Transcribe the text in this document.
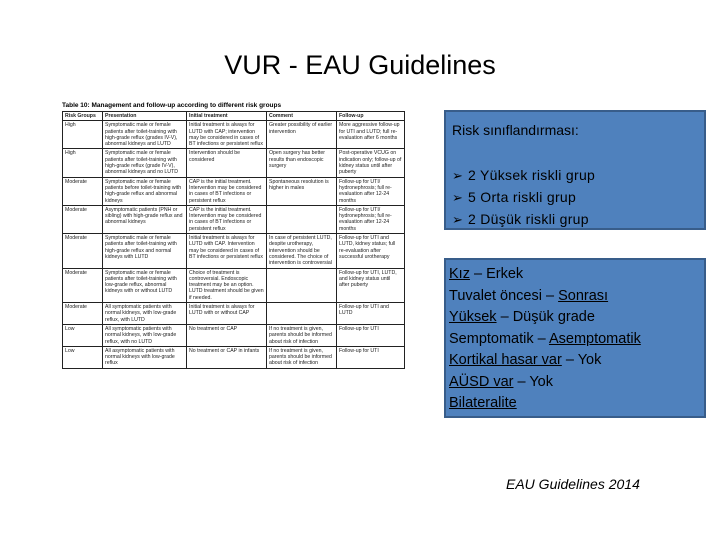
VUR - EAU Guidelines
Table 10: Management and follow-up according to different risk groups
Risk Groups	Presentation	Initial treatment	Comment	Follow-up
High	Symptomatic male or female patients after toilet-training with high-grade reflux (grades IV-V), abnormal kidneys and LUTD	Initial treatment is always for LUTD with CAP; intervention may be considered in cases of BT infections or persistent reflux	Greater possibility of earlier intervention	More aggressive follow-up for UTI and LUTD; full re-evaluation after 6 months
High	Symptomatic male or female patients after toilet-training with high-grade reflux (grade IV-V), abnormal kidneys and no LUTD	Intervention should be considered	Open surgery has better results than endoscopic surgery	Post-operative VCUG on indication only; follow-up of kidney status until after puberty
Moderate	Symptomatic male or female patients before toilet-training with high-grade reflux and abnormal kidneys	CAP is the initial treatment. Intervention may be considered in cases of BT infections or persistent reflux	Spontaneous resolution is higher in males	Follow-up for UTI/ hydronephrosis; full re-evaluation after 12-24 months
Moderate	Asymptomatic patients (PNH or sibling) with high-grade reflux and abnormal kidneys	CAP is the initial treatment. Intervention may be considered in cases of BT infections or persistent reflux		Follow-up for UTI/ hydronephrosis; full re-evaluation after 12-24 months
Moderate	Symptomatic male or female patients after toilet-training with high-grade reflux and normal kidneys with LUTD	Initial treatment is always for LUTD with CAP. Intervention may be considered in cases of BT infections or persistent reflux	In case of persistent LUTD, despite urotherapy, intervention should be considered. The choice of intervention is controversial	Follow-up for UTI and LUTD, kidney status; full re-evaluation after successful urotherapy
Moderate	Symptomatic male or female patients after toilet-training with low-grade reflux, abnormal kidneys with or without LUTD	Choice of treatment is controversial. Endoscopic treatment may be an option. LUTD treatment should be given if needed.		Follow-up for UTI, LUTD, and kidney status until after puberty
Moderate	All symptomatic patients with normal kidneys, with low-grade reflux, with LUTD	Initial treatment is always for LUTD with or without CAP		Follow-up for UTI and LUTD
Low	All symptomatic patients with normal kidneys, with low-grade reflux, with no LUTD	No treatment or CAP	If no treatment is given, parents should be informed about risk of infection	Follow-up for UTI
Low	All asymptomatic patients with normal kidneys with low-grade reflux	No treatment or CAP in infants	If no treatment is given, parents should be informed about risk of infection	Follow-up for UTI
Risk sınıflandırması:
➢ 2 Yüksek riskli grup
➢ 5 Orta riskli grup
➢ 2 Düşük riskli grup
Kız – Erkek
Tuvalet öncesi – Sonrası
Yüksek – Düşük grade
Semptomatik – Asemptomatik
Kortikal hasar var – Yok
AÜSD var – Yok
Bilateralite
EAU Guidelines 2014
